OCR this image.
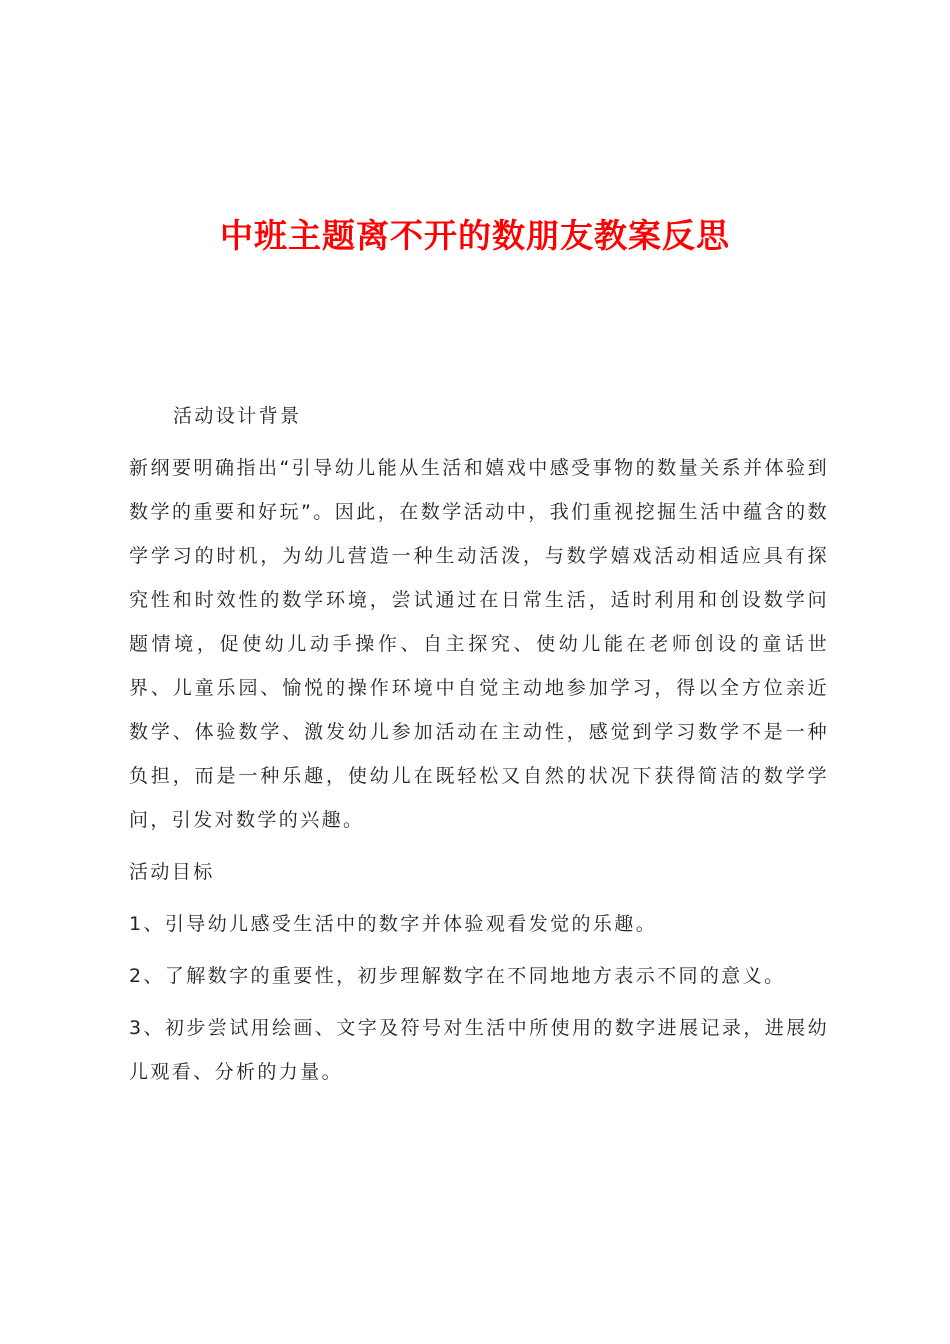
中班主题离不开的数朋友教案反思

活动设计背景

新纲要明确指出“引导幼儿能从生活和嬉戏中感受事物的数量关系并体验到数学的重要和好玩”。因此，在数学活动中，我们重视挖掘生活中蕴含的数学学习的时机，为幼儿营造一种生动活泼，与数学嬉戏活动相适应具有探究性和时效性的数学环境，尝试通过在日常生活，适时利用和创设数学问题情境，促使幼儿动手操作、自主探究、使幼儿能在老师创设的童话世界、儿童乐园、愉悦的操作环境中自觉主动地参加学习，得以全方位亲近数学、体验数学、激发幼儿参加活动在主动性，感觉到学习数学不是一种负担，而是一种乐趣，使幼儿在既轻松又自然的状况下获得简洁的数学学问，引发对数学的兴趣。

活动目标

1、引导幼儿感受生活中的数字并体验观看发觉的乐趣。

2、了解数字的重要性，初步理解数字在不同地地方表示不同的意义。

3、初步尝试用绘画、文字及符号对生活中所使用的数字进展记录，进展幼儿观看、分析的力量。
